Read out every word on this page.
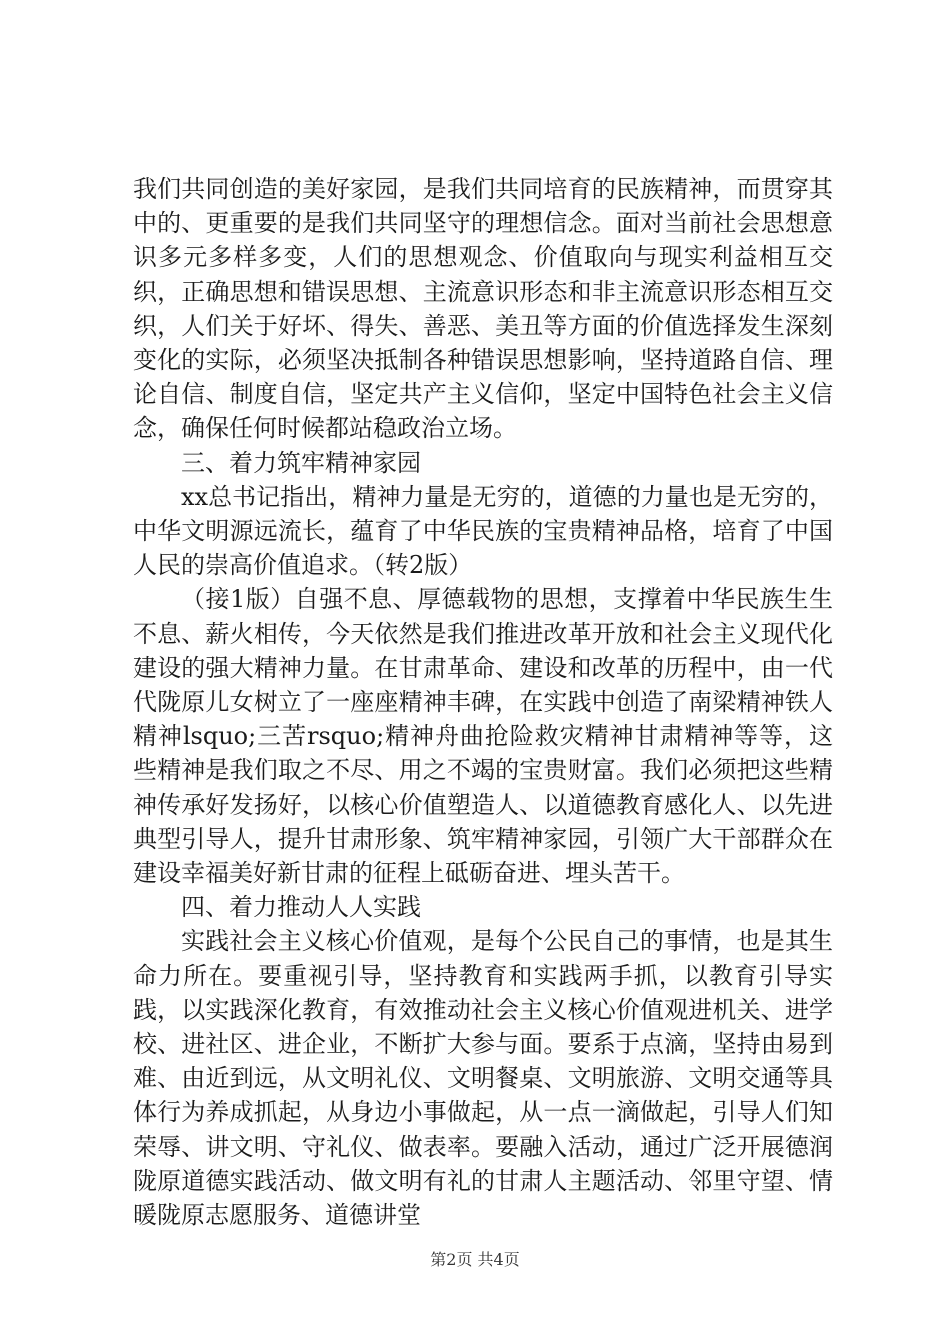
我们共同创造的美好家园，是我们共同培育的民族精神，而贯穿其中的、更重要的是我们共同坚守的理想信念。面对当前社会思想意识多元多样多变，人们的思想观念、价值取向与现实利益相互交织，正确思想和错误思想、主流意识形态和非主流意识形态相互交织，人们关于好坏、得失、善恶、美丑等方面的价值选择发生深刻变化的实际，必须坚决抵制各种错误思想影响，坚持道路自信、理论自信、制度自信，坚定共产主义信仰，坚定中国特色社会主义信念，确保任何时候都站稳政治立场。

三、着力筑牢精神家园

xx总书记指出，精神力量是无穷的，道德的力量也是无穷的，中华文明源远流长，蕴育了中华民族的宝贵精神品格，培育了中国人民的崇高价值追求。（转2版）

（接1版）自强不息、厚德载物的思想，支撑着中华民族生生不息、薪火相传，今天依然是我们推进改革开放和社会主义现代化建设的强大精神力量。在甘肃革命、建设和改革的历程中，由一代代陇原儿女树立了一座座精神丰碑，在实践中创造了南梁精神铁人精神lsquo;三苦rsquo;精神舟曲抢险救灾精神甘肃精神等等，这些精神是我们取之不尽、用之不竭的宝贵财富。我们必须把这些精神传承好发扬好，以核心价值塑造人、以道德教育感化人、以先进典型引导人，提升甘肃形象、筑牢精神家园，引领广大干部群众在建设幸福美好新甘肃的征程上砥砺奋进、埋头苦干。

四、着力推动人人实践

实践社会主义核心价值观，是每个公民自己的事情，也是其生命力所在。要重视引导，坚持教育和实践两手抓，以教育引导实践，以实践深化教育，有效推动社会主义核心价值观进机关、进学校、进社区、进企业，不断扩大参与面。要系于点滴，坚持由易到难、由近到远，从文明礼仪、文明餐桌、文明旅游、文明交通等具体行为养成抓起，从身边小事做起，从一点一滴做起，引导人们知荣辱、讲文明、守礼仪、做表率。要融入活动，通过广泛开展德润陇原道德实践活动、做文明有礼的甘肃人主题活动、邻里守望、情暖陇原志愿服务、道德讲堂

第2页 共4页
